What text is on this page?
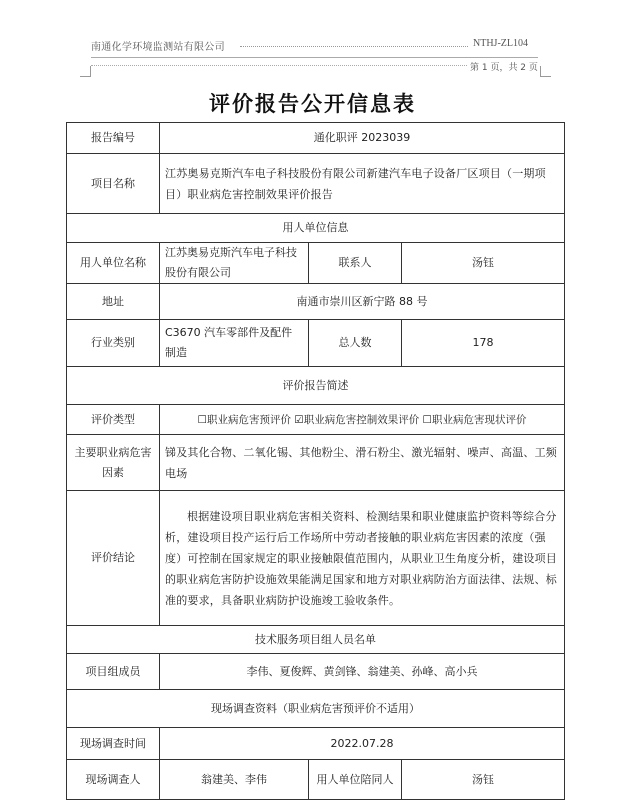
南通化学环境监测站有限公司	NTHJ-ZL104
第 1 页，共 2 页
评价报告公开信息表
报告编号	通化职评 2023039		
项目名称	江苏奥易克斯汽车电子科技股份有限公司新建汽车电子设备厂区项目（一期项目）职业病危害控制效果评价报告		
用人单位信息			
用人单位名称	江苏奥易克斯汽车电子科技股份有限公司	联系人	汤钰
地址	南通市崇川区新宁路 88 号		
行业类别	C3670 汽车零部件及配件制造	总人数	178
评价报告简述			
评价类型	☐职业病危害预评价 ☑职业病危害控制效果评价 ☐职业病危害现状评价		
主要职业病危害因素	锑及其化合物、二氧化锡、其他粉尘、滑石粉尘、激光辐射、噪声、高温、工频电场		
评价结论	根据建设项目职业病危害相关资料、检测结果和职业健康监护资料等综合分析，建设项目投产运行后工作场所中劳动者接触的职业病危害因素的浓度（强度）可控制在国家规定的职业接触限值范围内，从职业卫生角度分析，建设项目的职业病危害防护设施效果能满足国家和地方对职业病防治方面法律、法规、标准的要求，具备职业病防护设施竣工验收条件。		
技术服务项目组人员名单			
项目组成员	李伟、夏俊辉、黄剑锋、翁建美、孙峰、高小兵		
现场调查资料（职业病危害预评价不适用）			
现场调查时间	2022.07.28		
现场调查人	翁建美、李伟	用人单位陪同人	汤钰
